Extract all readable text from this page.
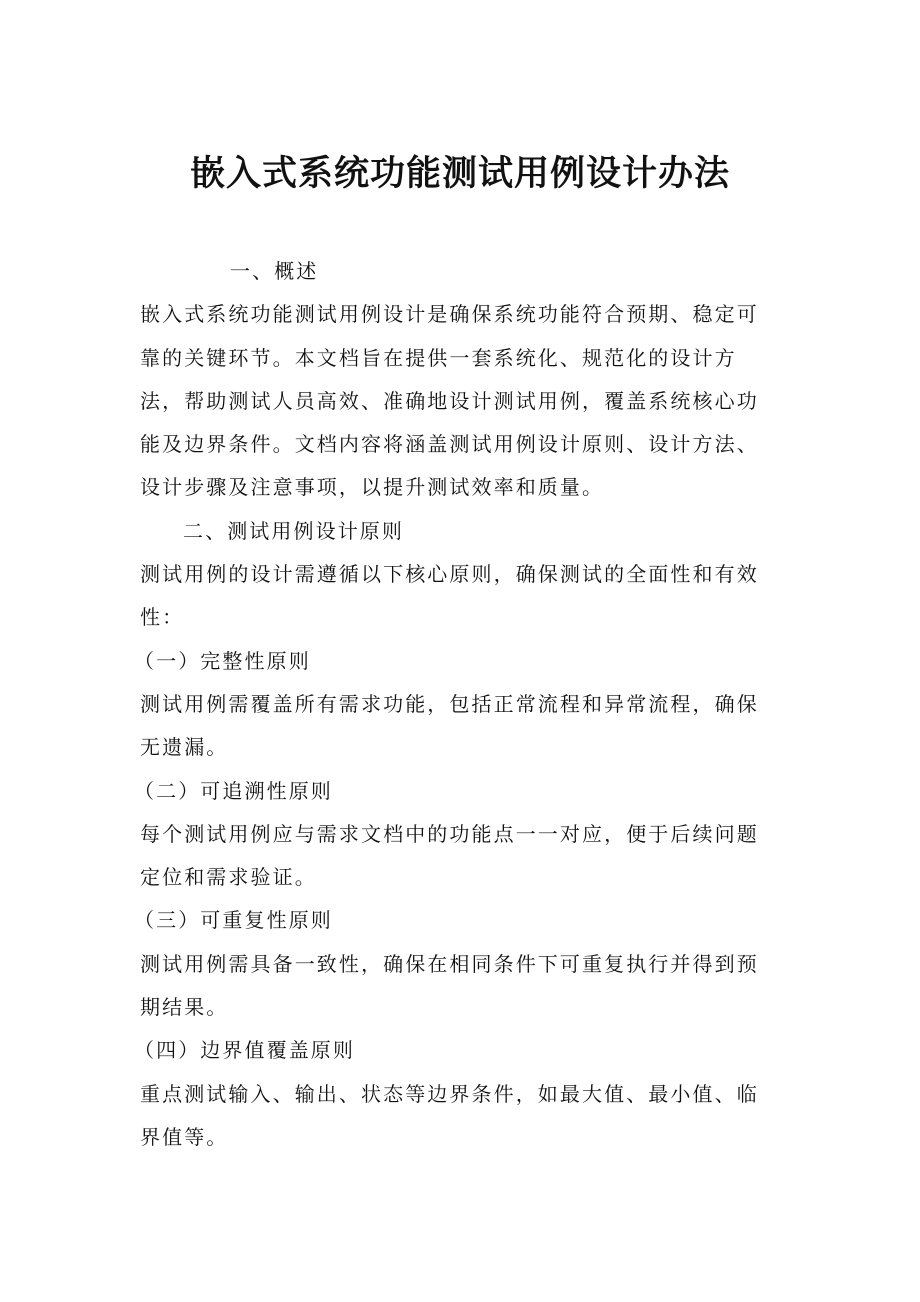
嵌入式系统功能测试用例设计办法

一、概述

嵌入式系统功能测试用例设计是确保系统功能符合预期、稳定可靠的关键环节。本文档旨在提供一套系统化、规范化的设计方法，帮助测试人员高效、准确地设计测试用例，覆盖系统核心功能及边界条件。文档内容将涵盖测试用例设计原则、设计方法、设计步骤及注意事项，以提升测试效率和质量。

二、测试用例设计原则

测试用例的设计需遵循以下核心原则，确保测试的全面性和有效性：

（一）完整性原则

测试用例需覆盖所有需求功能，包括正常流程和异常流程，确保无遗漏。

（二）可追溯性原则

每个测试用例应与需求文档中的功能点一一对应，便于后续问题定位和需求验证。

（三）可重复性原则

测试用例需具备一致性，确保在相同条件下可重复执行并得到预期结果。

（四）边界值覆盖原则

重点测试输入、输出、状态等边界条件，如最大值、最小值、临界值等。
